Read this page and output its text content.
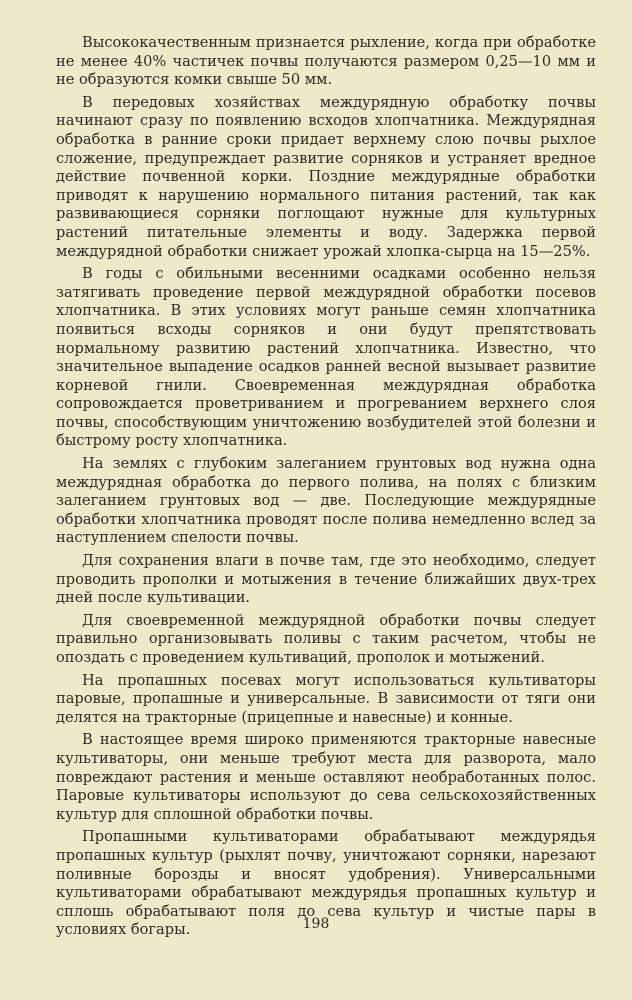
Высококачественным признается рыхление, когда при обработке не менее 40% частичек почвы получаются размером 0,25—10 мм и не образуются комки свыше 50 мм.

В передовых хозяйствах междурядную обработку почвы начинают сразу по появлению всходов хлопчатника. Междурядная обработка в ранние сроки придает верхнему слою почвы рыхлое сложение, предупреждает развитие сорняков и устраняет вредное действие почвенной корки. Поздние междурядные обработки приводят к нарушению нормального питания растений, так как развивающиеся сорняки поглощают нужные для культурных растений питательные элементы и воду. Задержка первой междурядной обработки снижает урожай хлопка-сырца на 15—25%.

В годы с обильными весенними осадками особенно нельзя затягивать проведение первой междурядной обработки посевов хлопчатника. В этих условиях могут раньше семян хлопчатника появиться всходы сорняков и они будут препятствовать нормальному развитию растений хлопчатника. Известно, что значительное выпадение осадков ранней весной вызывает развитие корневой гнили. Своевременная междурядная обработка сопровождается проветриванием и прогреванием верхнего слоя почвы, способствующим уничтожению возбудителей этой болезни и быстрому росту хлопчатника.

На землях с глубоким залеганием грунтовых вод нужна одна междурядная обработка до первого полива, на полях с близким залеганием грунтовых вод — две. Последующие междурядные обработки хлопчатника проводят после полива немедленно вслед за наступлением спелости почвы.

Для сохранения влаги в почве там, где это необходимо, следует проводить прополки и мотыжения в течение ближайших двух-трех дней после культивации.

Для своевременной междурядной обработки почвы следует правильно организовывать поливы с таким расчетом, чтобы не опоздать с проведением культиваций, прополок и мотыжений.

На пропашных посевах могут использоваться культиваторы паровые, пропашные и универсальные. В зависимости от тяги они делятся на тракторные (прицепные и навесные) и конные.

В настоящее время широко применяются тракторные навесные культиваторы, они меньше требуют места для разворота, мало повреждают растения и меньше оставляют необработанных полос. Паровые культиваторы используют до сева сельскохозяйственных культур для сплошной обработки почвы.

Пропашными культиваторами обрабатывают междурядья пропашных культур (рыхлят почву, уничтожают сорняки, нарезают поливные борозды и вносят удобрения). Универсальными культиваторами обрабатывают междурядья пропашных культур и сплошь обрабатывают поля до сева культур и чистые пары в условиях богары.	198
